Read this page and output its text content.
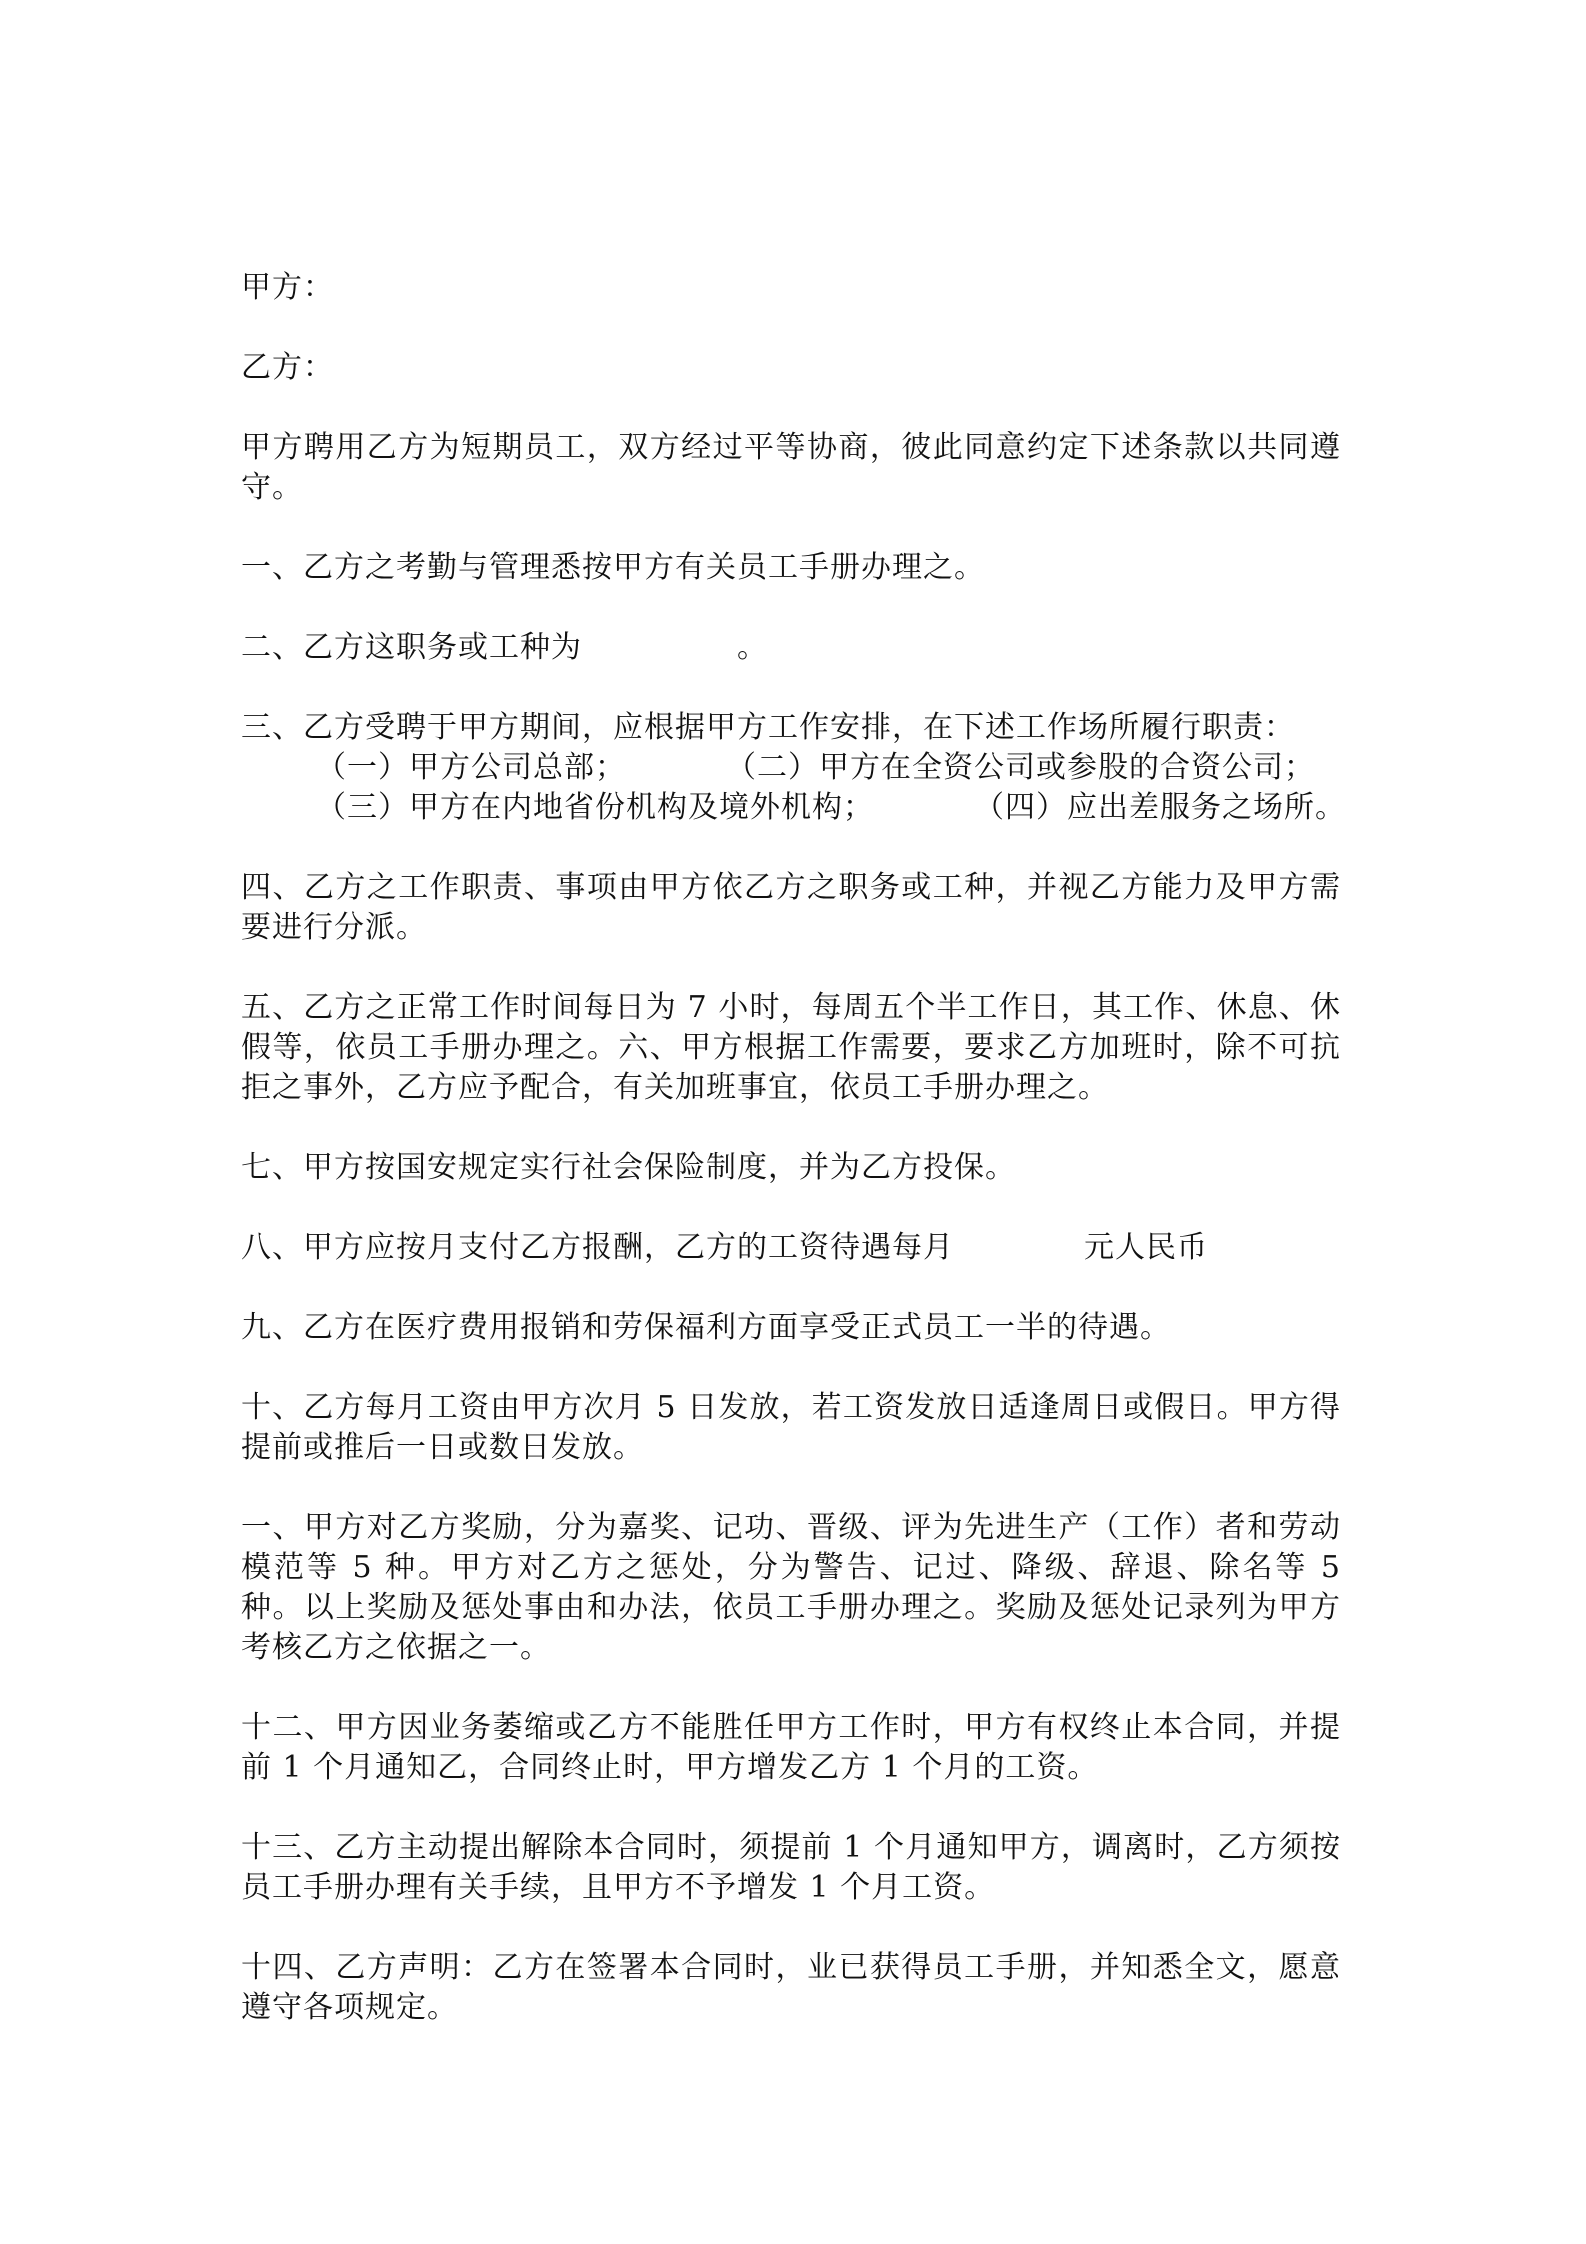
甲方：

乙方：

甲方聘用乙方为短期员工，双方经过平等协商，彼此同意约定下述条款以共同遵守。

一、乙方之考勤与管理悉按甲方有关员工手册办理之。

二、乙方这职务或工种为	。

三、乙方受聘于甲方期间，应根据甲方工作安排，在下述工作场所履行职责：

（一）甲方公司总部；	（二）甲方在全资公司或参股的合资公司；

（三）甲方在内地省份机构及境外机构；	（四）应出差服务之场所。

四、乙方之工作职责、事项由甲方依乙方之职务或工种，并视乙方能力及甲方需要进行分派。

五、乙方之正常工作时间每日为 7 小时，每周五个半工作日，其工作、休息、休假等，依员工手册办理之。六、甲方根据工作需要，要求乙方加班时，除不可抗拒之事外，乙方应予配合，有关加班事宜，依员工手册办理之。

七、甲方按国安规定实行社会保险制度，并为乙方投保。

八、甲方应按月支付乙方报酬，乙方的工资待遇每月	元人民币

九、乙方在医疗费用报销和劳保福利方面享受正式员工一半的待遇。

十、乙方每月工资由甲方次月 5 日发放，若工资发放日适逢周日或假日。甲方得提前或推后一日或数日发放。

一、甲方对乙方奖励，分为嘉奖、记功、晋级、评为先进生产（工作）者和劳动模范等 5 种。甲方对乙方之惩处，分为警告、记过、降级、辞退、除名等 5 种。以上奖励及惩处事由和办法，依员工手册办理之。奖励及惩处记录列为甲方考核乙方之依据之一。

十二、甲方因业务萎缩或乙方不能胜任甲方工作时，甲方有权终止本合同，并提前 1 个月通知乙，合同终止时，甲方增发乙方 1 个月的工资。

十三、乙方主动提出解除本合同时，须提前 1 个月通知甲方，调离时，乙方须按员工手册办理有关手续，且甲方不予增发 1 个月工资。

十四、乙方声明：乙方在签署本合同时，业已获得员工手册，并知悉全文，愿意遵守各项规定。
